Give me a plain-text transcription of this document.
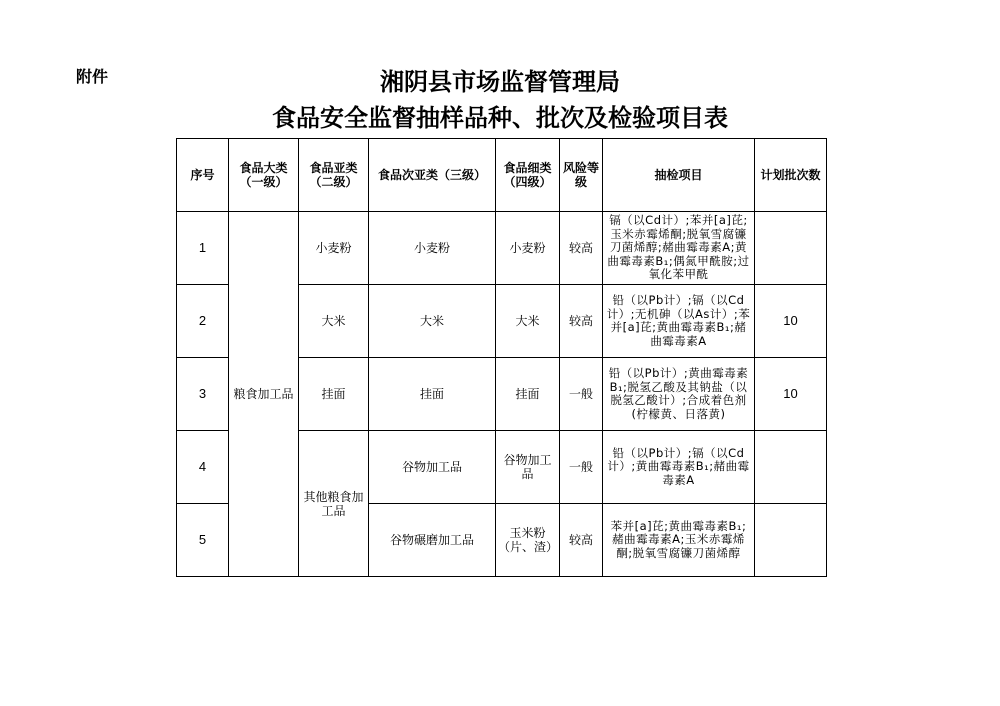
附件	湘阴县市场监督管理局
食品安全监督抽样品种、批次及检验项目表
序号	食品大类（一级）	食品亚类（二级）	食品次亚类（三级）	食品细类（四级）	风险等级	抽检项目	计划批次数
1	粮食加工品	小麦粉	小麦粉	小麦粉	较高	镉（以Cd计）;苯并[a]芘;玉米赤霉烯酮;脱氧雪腐镰刀菌烯醇;赭曲霉毒素A;黄曲霉毒素B₁;偶氮甲酰胺;过氧化苯甲酰	
2		大米	大米	大米	较高	铅（以Pb计）;镉（以Cd计）;无机砷（以As计）;苯并[a]芘;黄曲霉毒素B₁;赭曲霉毒素A	10
3		挂面	挂面	挂面	一般	铅（以Pb计）;黄曲霉毒素B₁;脱氢乙酸及其钠盐（以脱氢乙酸计）;合成着色剂(柠檬黄、日落黄)	10
4		其他粮食加工品	谷物加工品	谷物加工品	一般	铅（以Pb计）;镉（以Cd计）;黄曲霉毒素B₁;赭曲霉毒素A	
5			谷物碾磨加工品	玉米粉（片、渣）	较高	苯并[a]芘;黄曲霉毒素B₁;赭曲霉毒素A;玉米赤霉烯酮;脱氧雪腐镰刀菌烯醇	
